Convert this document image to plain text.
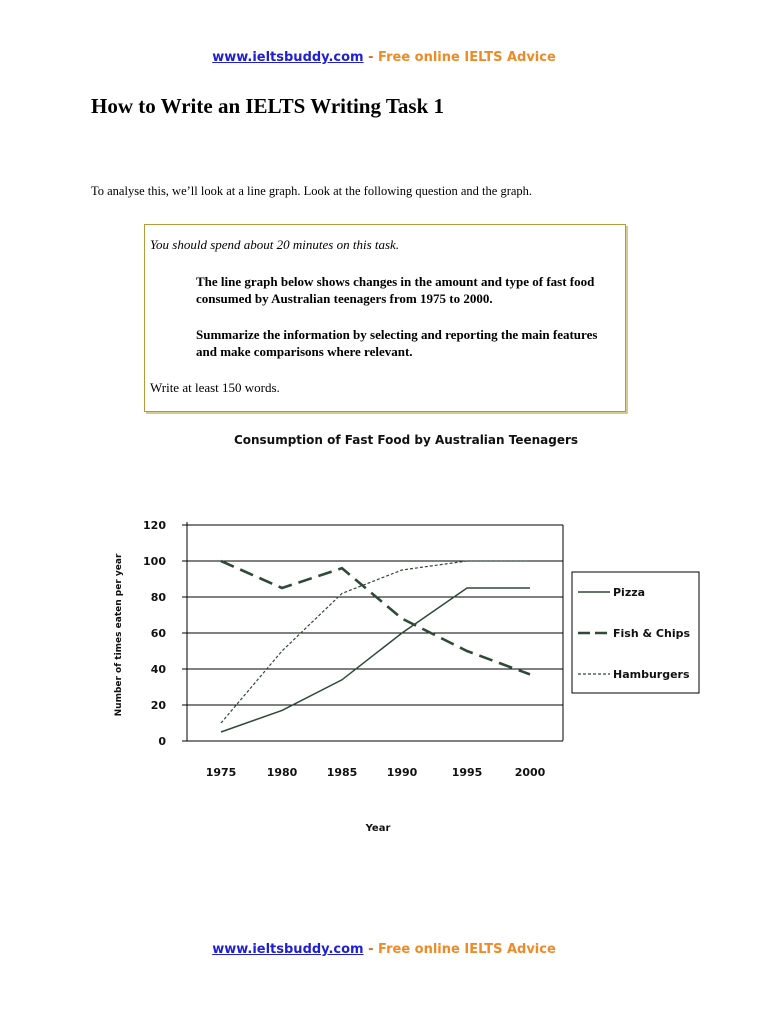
www.ieltsbuddy.com - Free online IELTS Advice
How to Write an IELTS Writing Task 1
To analyse this, we’ll look at a line graph. Look at the following question and the graph.
You should spend about 20 minutes on this task.
The line graph below shows changes in the amount and type of fast food consumed by Australian teenagers from 1975 to 2000.
Summarize the information by selecting and reporting the main features and make comparisons where relevant.
Write at least 150 words.
Consumption of Fast Food by Australian Teenagers
0
20
40
60
80
100
120
1975	1980	1985	1990	1995	2000
Year
Number of times eaten per year	Pizza
Fish & Chips
Hamburgers
www.ieltsbuddy.com - Free online IELTS Advice
